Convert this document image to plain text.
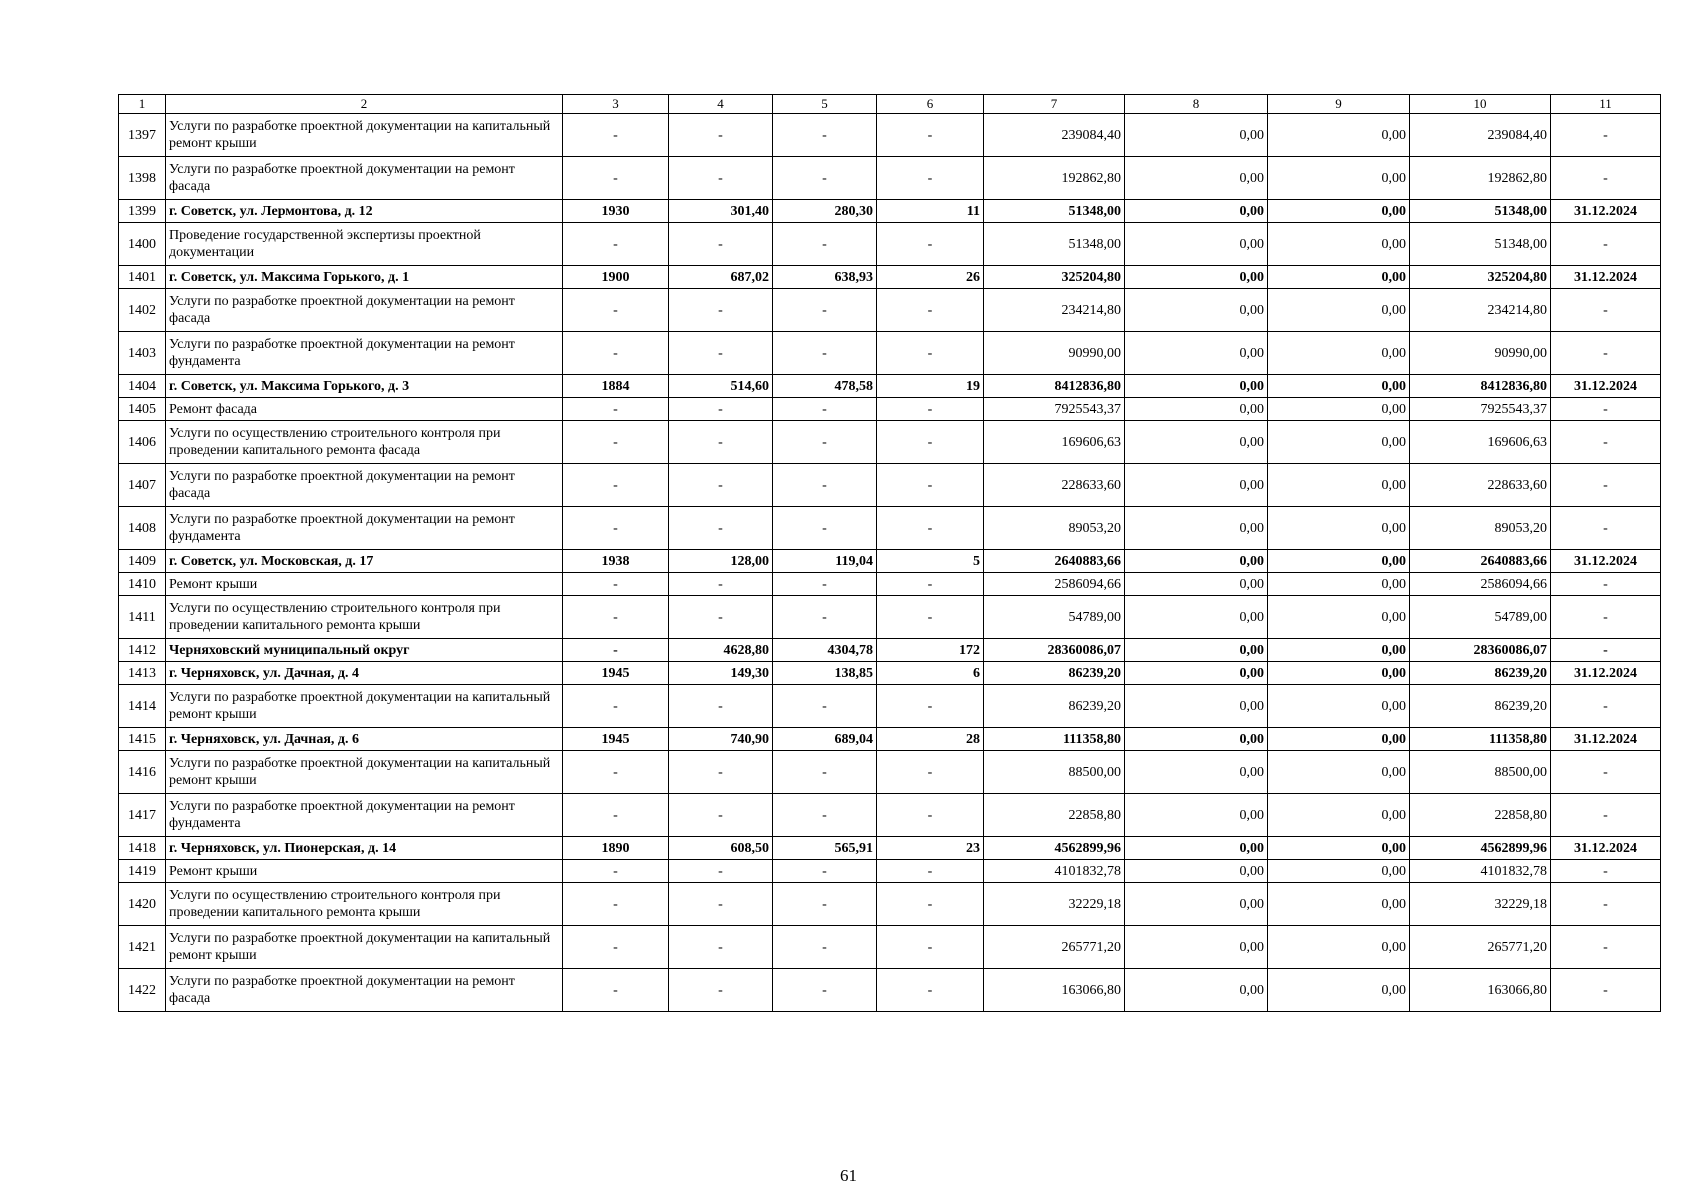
1	2	3	4	5	6	7	8	9	10	11
1397	Услуги по разработке проектной документации на капитальный ремонт крыши	-	-	-	-	239084,40	0,00	0,00	239084,40	-
1398	Услуги по разработке проектной документации на ремонт фасада	-	-	-	-	192862,80	0,00	0,00	192862,80	-
1399	г. Советск, ул. Лермонтова, д. 12	1930	301,40	280,30	11	51348,00	0,00	0,00	51348,00	31.12.2024
1400	Проведение государственной экспертизы проектной документации	-	-	-	-	51348,00	0,00	0,00	51348,00	-
1401	г. Советск, ул. Максима Горького, д. 1	1900	687,02	638,93	26	325204,80	0,00	0,00	325204,80	31.12.2024
1402	Услуги по разработке проектной документации на ремонт фасада	-	-	-	-	234214,80	0,00	0,00	234214,80	-
1403	Услуги по разработке проектной документации на ремонт фундамента	-	-	-	-	90990,00	0,00	0,00	90990,00	-
1404	г. Советск, ул. Максима Горького, д. 3	1884	514,60	478,58	19	8412836,80	0,00	0,00	8412836,80	31.12.2024
1405	Ремонт фасада	-	-	-	-	7925543,37	0,00	0,00	7925543,37	-
1406	Услуги по осуществлению строительного контроля при проведении капитального ремонта фасада	-	-	-	-	169606,63	0,00	0,00	169606,63	-
1407	Услуги по разработке проектной документации на ремонт фасада	-	-	-	-	228633,60	0,00	0,00	228633,60	-
1408	Услуги по разработке проектной документации на ремонт фундамента	-	-	-	-	89053,20	0,00	0,00	89053,20	-
1409	г. Советск, ул. Московская, д. 17	1938	128,00	119,04	5	2640883,66	0,00	0,00	2640883,66	31.12.2024
1410	Ремонт крыши	-	-	-	-	2586094,66	0,00	0,00	2586094,66	-
1411	Услуги по осуществлению строительного контроля при проведении капитального ремонта крыши	-	-	-	-	54789,00	0,00	0,00	54789,00	-
1412	Черняховский муниципальный округ	-	4628,80	4304,78	172	28360086,07	0,00	0,00	28360086,07	-
1413	г. Черняховск, ул. Дачная, д. 4	1945	149,30	138,85	6	86239,20	0,00	0,00	86239,20	31.12.2024
1414	Услуги по разработке проектной документации на капитальный ремонт крыши	-	-	-	-	86239,20	0,00	0,00	86239,20	-
1415	г. Черняховск, ул. Дачная, д. 6	1945	740,90	689,04	28	111358,80	0,00	0,00	111358,80	31.12.2024
1416	Услуги по разработке проектной документации на капитальный ремонт крыши	-	-	-	-	88500,00	0,00	0,00	88500,00	-
1417	Услуги по разработке проектной документации на ремонт фундамента	-	-	-	-	22858,80	0,00	0,00	22858,80	-
1418	г. Черняховск, ул. Пионерская, д. 14	1890	608,50	565,91	23	4562899,96	0,00	0,00	4562899,96	31.12.2024
1419	Ремонт крыши	-	-	-	-	4101832,78	0,00	0,00	4101832,78	-
1420	Услуги по осуществлению строительного контроля при проведении капитального ремонта крыши	-	-	-	-	32229,18	0,00	0,00	32229,18	-
1421	Услуги по разработке проектной документации на капитальный ремонт крыши	-	-	-	-	265771,20	0,00	0,00	265771,20	-
1422	Услуги по разработке проектной документации на ремонт фасада	-	-	-	-	163066,80	0,00	0,00	163066,80	-
61
